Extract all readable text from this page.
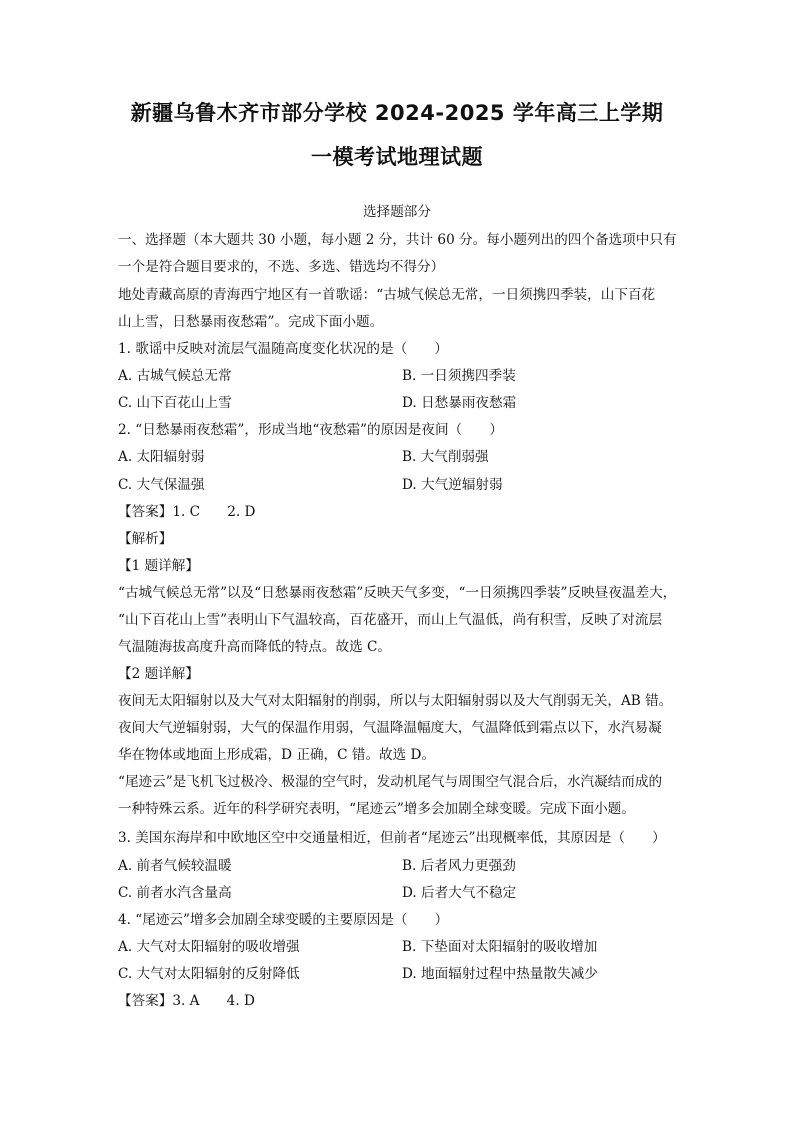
新疆乌鲁木齐市部分学校 2024-2025 学年高三上学期
一模考试地理试题
选择题部分
一、选择题（本大题共 30 小题，每小题 2 分，共计 60 分。每小题列出的四个备选项中只有
一个是符合题目要求的，不选、多选、错选均不得分）
地处青藏高原的青海西宁地区有一首歌谣：“古城气候总无常，一日须携四季装，山下百花
山上雪，日愁暴雨夜愁霜”。完成下面小题。
1. 歌谣中反映对流层气温随高度变化状况的是（　　）
A. 古城气候总无常	B. 一日须携四季装
C. 山下百花山上雪	D. 日愁暴雨夜愁霜
2. “日愁暴雨夜愁霜”，形成当地“夜愁霜”的原因是夜间（　　）
A. 太阳辐射弱	B. 大气削弱强
C. 大气保温强	D. 大气逆辐射弱
【答案】1. C　　2. D
【解析】
【1 题详解】
“古城气候总无常”以及“日愁暴雨夜愁霜”反映天气多变，“一日须携四季装”反映昼夜温差大，
“山下百花山上雪”表明山下气温较高，百花盛开，而山上气温低，尚有积雪，反映了对流层
气温随海拔高度升高而降低的特点。故选 C。
【2 题详解】
夜间无太阳辐射以及大气对太阳辐射的削弱，所以与太阳辐射弱以及大气削弱无关，AB 错。
夜间大气逆辐射弱，大气的保温作用弱，气温降温幅度大，气温降低到霜点以下，水汽易凝
华在物体或地面上形成霜，D 正确，C 错。故选 D。
“尾迹云”是飞机飞过极冷、极湿的空气时，发动机尾气与周围空气混合后，水汽凝结而成的
一种特殊云系。近年的科学研究表明，“尾迹云”增多会加剧全球变暖。完成下面小题。
3. 美国东海岸和中欧地区空中交通量相近，但前者“尾迹云”出现概率低，其原因是（　　）
A. 前者气候较温暖	B. 后者风力更强劲
C. 前者水汽含量高	D. 后者大气不稳定
4. “尾迹云”增多会加剧全球变暖的主要原因是（　　）
A. 大气对太阳辐射的吸收增强	B. 下垫面对太阳辐射的吸收增加
C. 大气对太阳辐射的反射降低	D. 地面辐射过程中热量散失减少
【答案】3. A　　4. D
